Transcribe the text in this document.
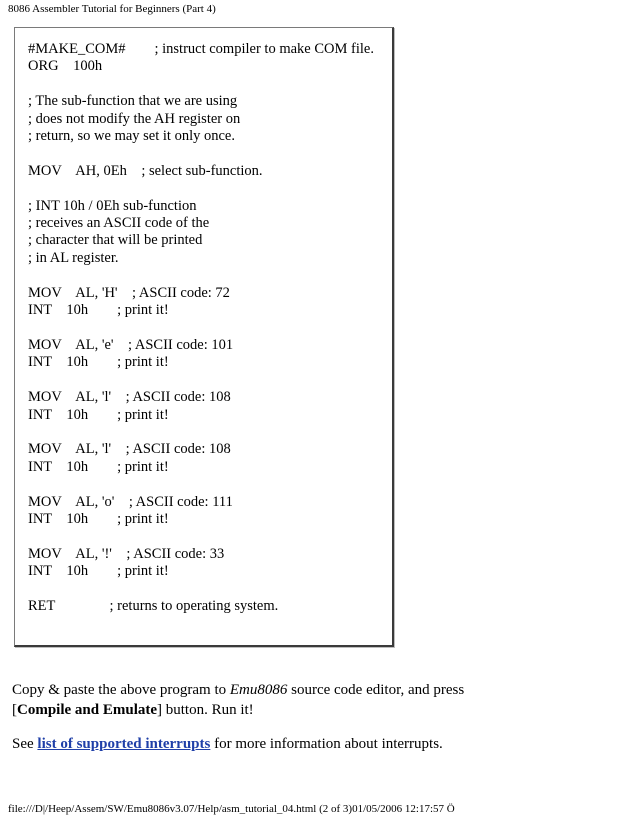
8086 Assembler Tutorial for Beginners (Part 4)
#MAKE_COM#        ; instruct compiler to make COM file.
ORG    100h

; The sub-function that we are using
; does not modify the AH register on
; return, so we may set it only once.

MOV    AH, 0Eh    ; select sub-function.

; INT 10h / 0Eh sub-function
; receives an ASCII code of the
; character that will be printed
; in AL register.

MOV    AL, 'H'    ; ASCII code: 72
INT    10h        ; print it!

MOV    AL, 'e'    ; ASCII code: 101
INT    10h        ; print it!

MOV    AL, 'l'    ; ASCII code: 108
INT    10h        ; print it!

MOV    AL, 'l'    ; ASCII code: 108
INT    10h        ; print it!

MOV    AL, 'o'    ; ASCII code: 111
INT    10h        ; print it!

MOV    AL, '!'    ; ASCII code: 33
INT    10h        ; print it!

RET               ; returns to operating system.

Copy & paste the above program to Emu8086 source code editor, and press
[Compile and Emulate] button. Run it!

See list of supported interrupts for more information about interrupts.

file:///D|/Heep/Assem/SW/Emu8086v3.07/Help/asm_tutorial_04.html (2 of 3)01/05/2006 12:17:57 Ö
